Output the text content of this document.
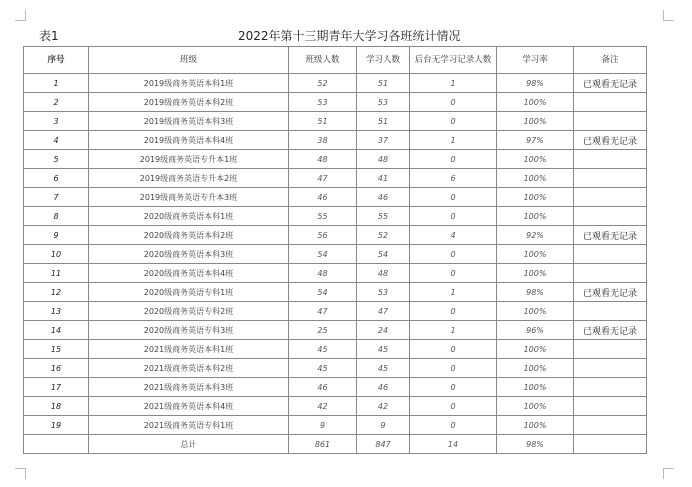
表1	2022年第十三期青年大学习各班统计情况
序号	班级	班级人数	学习人数	后台无学习记录人数	学习率	备注
1	2019级商务英语本科1班	52	51	1	98%	已观看无记录
2	2019级商务英语本科2班	53	53	0	100%	
3	2019级商务英语本科3班	51	51	0	100%	
4	2019级商务英语本科4班	38	37	1	97%	已观看无记录
5	2019级商务英语专升本1班	48	48	0	100%	
6	2019级商务英语专升本2班	47	41	6	100%	
7	2019级商务英语专升本3班	46	46	0	100%	
8	2020级商务英语本科1班	55	55	0	100%	
9	2020级商务英语本科2班	56	52	4	92%	已观看无记录
10	2020级商务英语本科3班	54	54	0	100%	
11	2020级商务英语本科4班	48	48	0	100%	
12	2020级商务英语专科1班	54	53	1	98%	已观看无记录
13	2020级商务英语专科2班	47	47	0	100%	
14	2020级商务英语专科3班	25	24	1	96%	已观看无记录
15	2021级商务英语本科1班	45	45	0	100%	
16	2021级商务英语本科2班	45	45	0	100%	
17	2021级商务英语本科3班	46	46	0	100%	
18	2021级商务英语本科4班	42	42	0	100%	
19	2021级商务英语专科1班	9	9	0	100%	
	总计	861	847	14	98%	
